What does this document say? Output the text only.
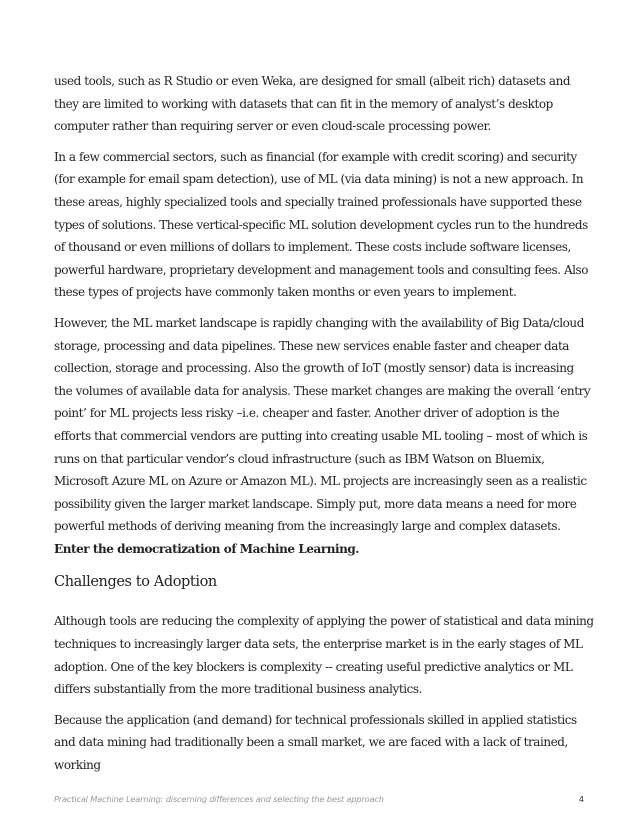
used tools, such as R Studio or even Weka, are designed for small (albeit rich) datasets and they are limited to working with datasets that can fit in the memory of analyst’s desktop computer rather than requiring server or even cloud-scale processing power.

In a few commercial sectors, such as financial (for example with credit scoring) and security (for example for email spam detection), use of ML (via data mining) is not a new approach. In these areas, highly specialized tools and specially trained professionals have supported these types of solutions. These vertical-specific ML solution development cycles run to the hundreds of thousand or even millions of dollars to implement. These costs include software licenses, powerful hardware, proprietary development and management tools and consulting fees. Also these types of projects have commonly taken months or even years to implement.

However, the ML market landscape is rapidly changing with the availability of Big Data/cloud storage, processing and data pipelines. These new services enable faster and cheaper data collection, storage and processing. Also the growth of IoT (mostly sensor) data is increasing the volumes of available data for analysis. These market changes are making the overall ‘entry point’ for ML projects less risky –i.e. cheaper and faster. Another driver of adoption is the efforts that commercial vendors are putting into creating usable ML tooling – most of which is runs on that particular vendor’s cloud infrastructure (such as IBM Watson on Bluemix, Microsoft Azure ML on Azure or Amazon ML). ML projects are increasingly seen as a realistic possibility given the larger market landscape. Simply put, more data means a need for more powerful methods of deriving meaning from the increasingly large and complex datasets.  Enter the democratization of Machine Learning.

Challenges to Adoption

Although tools are reducing the complexity of applying the power of statistical and data mining techniques to increasingly larger data sets, the enterprise market is in the early stages of ML adoption. One of the key blockers is complexity -- creating useful predictive analytics or ML differs substantially from the more traditional business analytics.

Because the application (and demand) for technical professionals skilled in applied statistics and data mining had traditionally been a small market, we are faced with a lack of trained, working

Practical Machine Learning: discerning differences and selecting the best approach	4
